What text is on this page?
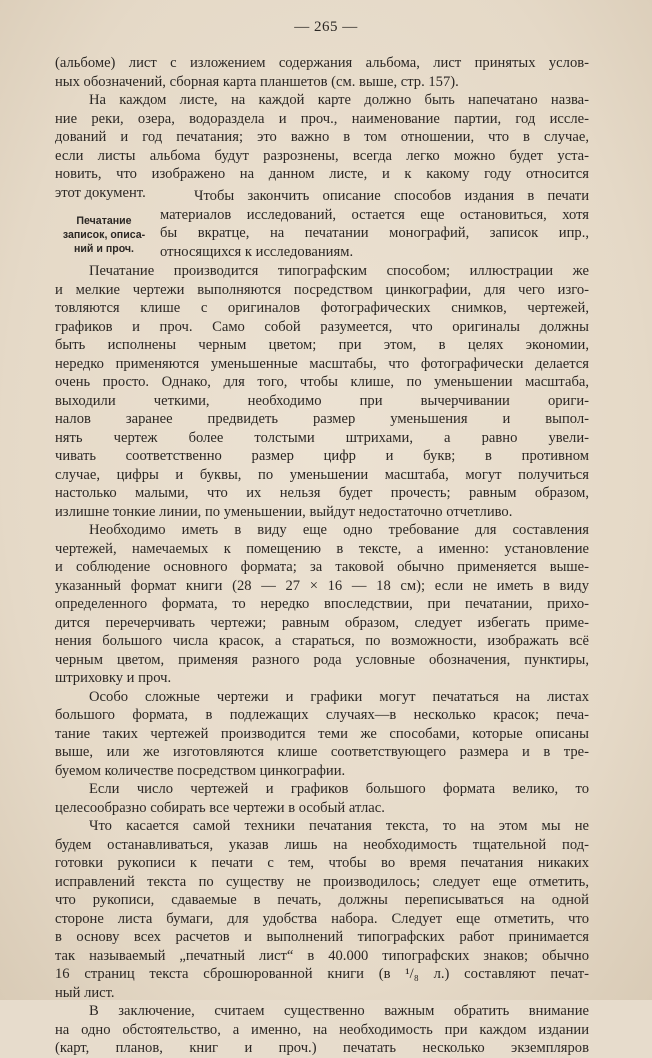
— 265 —
(альбоме) лист с изложением содержания альбома, лист принятых услов-
ных обозначений, сборная карта планшетов (см. выше, стр. 157).
На каждом листе, на каждой карте должно быть напечатано назва-
ние реки, озера, водораздела и проч., наименование партии, год иссле-
дований и год печатания; это важно в том отношении, что в случае,
если листы альбома будут разрознены, всегда легко можно будет уста-
новить, что изображено на данном листе, и к какому году относится
этот документ.
Печатание
записок, описа-
ний и проч.
Чтобы закончить описание способов издания в печати
материалов исследований, остается еще остановиться, хотя
бы вкратце, на печатании монографий, записок ипр.,
относящихся к исследованиям.
Печатание производится типографским способом; иллюстрации же
и мелкие чертежи выполняются посредством цинкографии, для чего изго-
товляются клише с оригиналов фотографических снимков, чертежей,
графиков и проч. Само собой разумеется, что оригиналы должны
быть исполнены черным цветом; при этом, в целях экономии,
нередко применяются уменьшенные масштабы, что фотографически делается
очень просто. Однако, для того, чтобы клише, по уменьшении масштаба,
выходили четкими, необходимо при вычерчивании ориги-
налов заранее предвидеть размер уменьшения и выпол-
нять чертеж более толстыми штрихами, а равно увели-
чивать соответственно размер цифр и букв; в противном
случае, цифры и буквы, по уменьшении масштаба, могут получиться
настолько малыми, что их нельзя будет прочесть; равным образом,
излишне тонкие линии, по уменьшении, выйдут недостаточно отчетливо.
Необходимо иметь в виду еще одно требование для составления
чертежей, намечаемых к помещению в тексте, а именно: установление
и соблюдение основного формата; за таковой обычно применяется выше-
указанный формат книги (28 — 27 × 16 — 18 см); если не иметь в виду
определенного формата, то нередко впоследствии, при печатании, прихо-
дится перечерчивать чертежи; равным образом, следует избегать приме-
нения большого числа красок, а стараться, по возможности, изображать всё
черным цветом, применяя разного рода условные обозначения, пунктиры,
штриховку и проч.
Особо сложные чертежи и графики могут печататься на листах
большого формата, в подлежащих случаях—в несколько красок; печа-
тание таких чертежей производится теми же способами, которые описаны
выше, или же изготовляются клише соответствующего размера и в тре-
буемом количестве посредством цинкографии.
Если число чертежей и графиков большого формата велико, то
целесообразно собирать все чертежи в особый атлас.
Что касается самой техники печатания текста, то на этом мы не
будем останавливаться, указав лишь на необходимость тщательной под-
готовки рукописи к печати с тем, чтобы во время печатания никаких
исправлений текста по существу не производилось; следует еще отметить,
что рукописи, сдаваемые в печать, должны переписываться на одной
стороне листа бумаги, для удобства набора. Следует еще отметить, что
в основу всех расчетов и выполнений типографских работ принимается
так называемый „печатный лист“ в 40.000 типографских знаков; обычно
16 страниц текста сброшюрованной книги (в ¹/₈ л.) составляют печат-
ный лист.
В заключение, считаем существенно важным обратить внимание
на одно обстоятельство, а именно, на необходимость при каждом издании
(карт, планов, книг и проч.) печатать несколько экземпляров
